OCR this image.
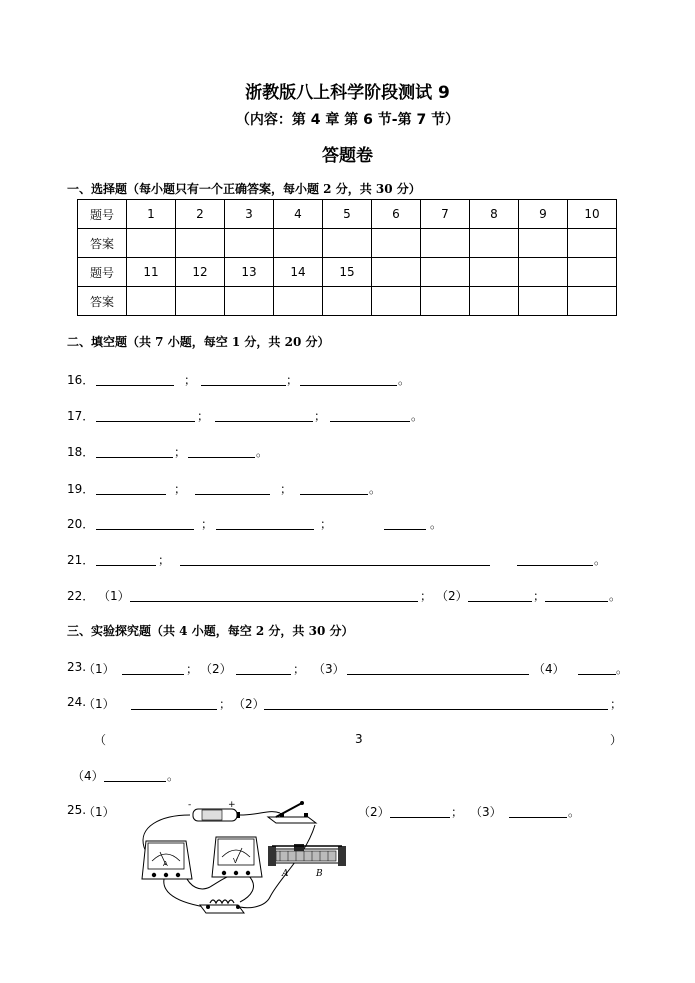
浙教版八上科学阶段测试 9
（内容：第 4 章 第 6 节-第 7 节）
答题卷
一、选择题（每小题只有一个正确答案，每小题 2 分，共 30 分）
题号	1	2	3	4	5	6	7	8	9	10
答案										
题号	11	12	13	14	15					
答案										
二、填空题（共 7 小题，每空 1 分，共 20 分）
16．	；	；	。
17．	；	；	。
18．	；	。
19．	；	；	。
20．	；	；	。
21．	；	。
22． （1）	； （2）	；	。
三、实验探究题（共 4 小题，每空 2 分，共 30 分）
23.
（1）	； （2）	； （3）	（4）	。
24.
（1）	； （2）	；
（	3	）
（4）	。
25.
（1）	（2）	； （3）	。
-	+
A	V
A	B
